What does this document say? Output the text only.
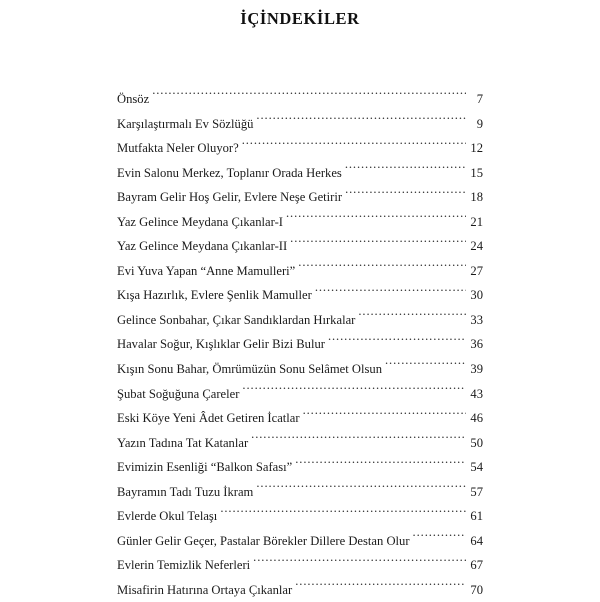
İÇİNDEKİLER
Önsöz .....	7
Karşılaştırmalı Ev Sözlüğü .....	9
Mutfakta Neler Oluyor? .....	12
Evin Salonu Merkez, Toplanır Orada Herkes .....	15
Bayram Gelir Hoş Gelir, Evlere Neşe Getirir .....	18
Yaz Gelince Meydana Çıkanlar-I .....	21
Yaz Gelince Meydana Çıkanlar-II .....	24
Evi Yuva Yapan “Anne Mamulleri” .....	27
Kışa Hazırlık, Evlere Şenlik Mamuller .....	30
Gelince Sonbahar, Çıkar Sandıklardan Hırkalar .....	33
Havalar Soğur, Kışlıklar Gelir Bizi Bulur .....	36
Kışın Sonu Bahar, Ömrümüzün Sonu Selâmet Olsun .....	39
Şubat Soğuğuna Çareler .....	43
Eski Köye Yeni Âdet Getiren İcatlar .....	46
Yazın Tadına Tat Katanlar .....	50
Evimizin Esenliği “Balkon Safası” .....	54
Bayramın Tadı Tuzu İkram .....	57
Evlerde Okul Telaşı .....	61
Günler Gelir Geçer, Pastalar Börekler Dillere Destan Olur .....	64
Evlerin Temizlik Neferleri .....	67
Misafirin Hatırına Ortaya Çıkanlar .....	70
